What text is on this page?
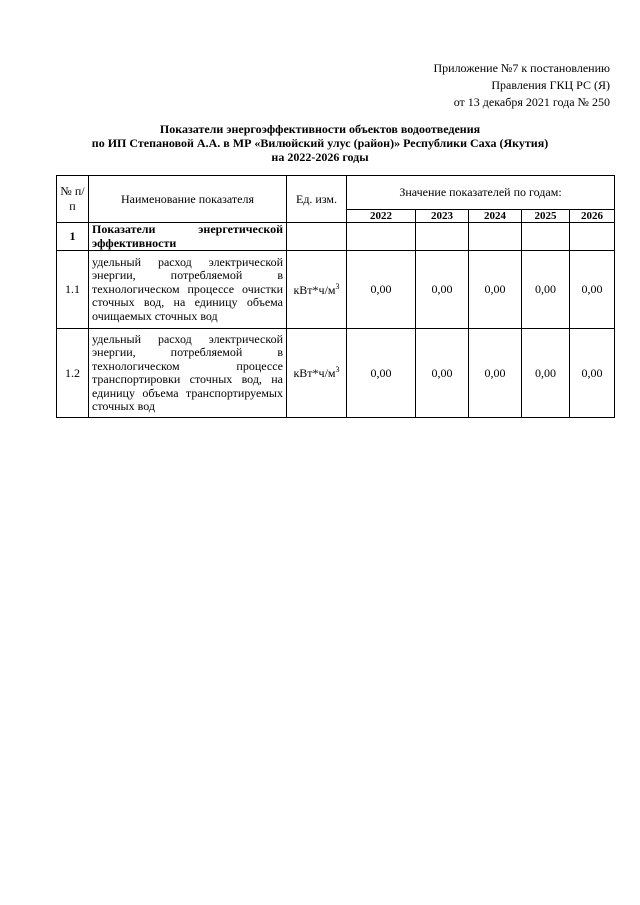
Приложение №7 к постановлению
Правления ГКЦ РС (Я)
от 13 декабря 2021 года № 250
Показатели энергоэффективности объектов водоотведения
по ИП Степановой А.А. в МР «Вилюйский улус (район)» Республики Саха (Якутия)
на 2022-2026 годы
№ п/п	Наименование показателя	Ед. изм.	Значение показателей по годам:				
			2022	2023	2024	2025	2026
1	Показатели энергетической эффективности						
1.1	удельный расход электрической энергии, потребляемой в технологическом процессе очистки сточных вод, на единицу объема очищаемых сточных вод	$кВт*ч/м^3$	0,00	0,00	0,00	0,00	0,00
1.2	удельный расход электрической энергии, потребляемой в технологическом процессе транспортировки сточных вод, на единицу объема транспортируемых сточных вод	$кВт*ч/м^3$	0,00	0,00	0,00	0,00	0,00
